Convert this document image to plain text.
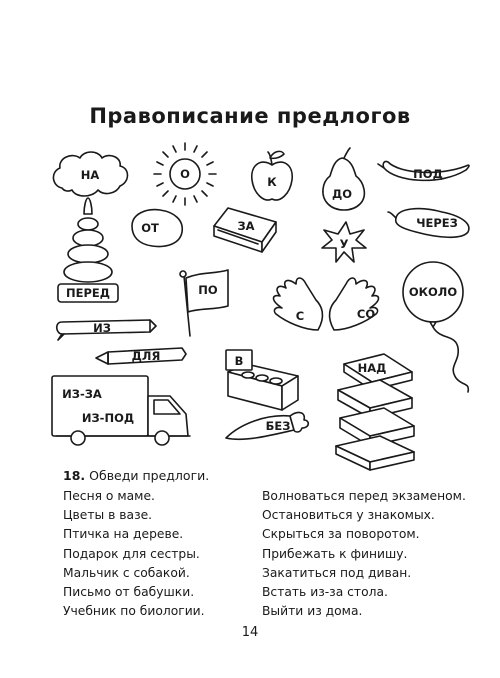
Правописание предлогов
НА	О
К
ДО
ПОД
ОТ	ЗА
У
ЧЕРЕЗ
ПЕРЕД	ПО
С	СО
ОКОЛО
ИЗ
ДЛЯ	В	НАД
ИЗ-ЗА
ИЗ-ПОД
БЕЗ
18. Обведи предлоги.
Песня о маме.
Цветы в вазе.
Птичка на дереве.
Подарок для сестры.
Мальчик с собакой.
Письмо от бабушки.
Учебник по биологии.
Волноваться перед экзаменом.
Остановиться у знакомых.
Скрыться за поворотом.
Прибежать к финишу.
Закатиться под диван.
Встать из-за стола.
Выйти из дома.
14
